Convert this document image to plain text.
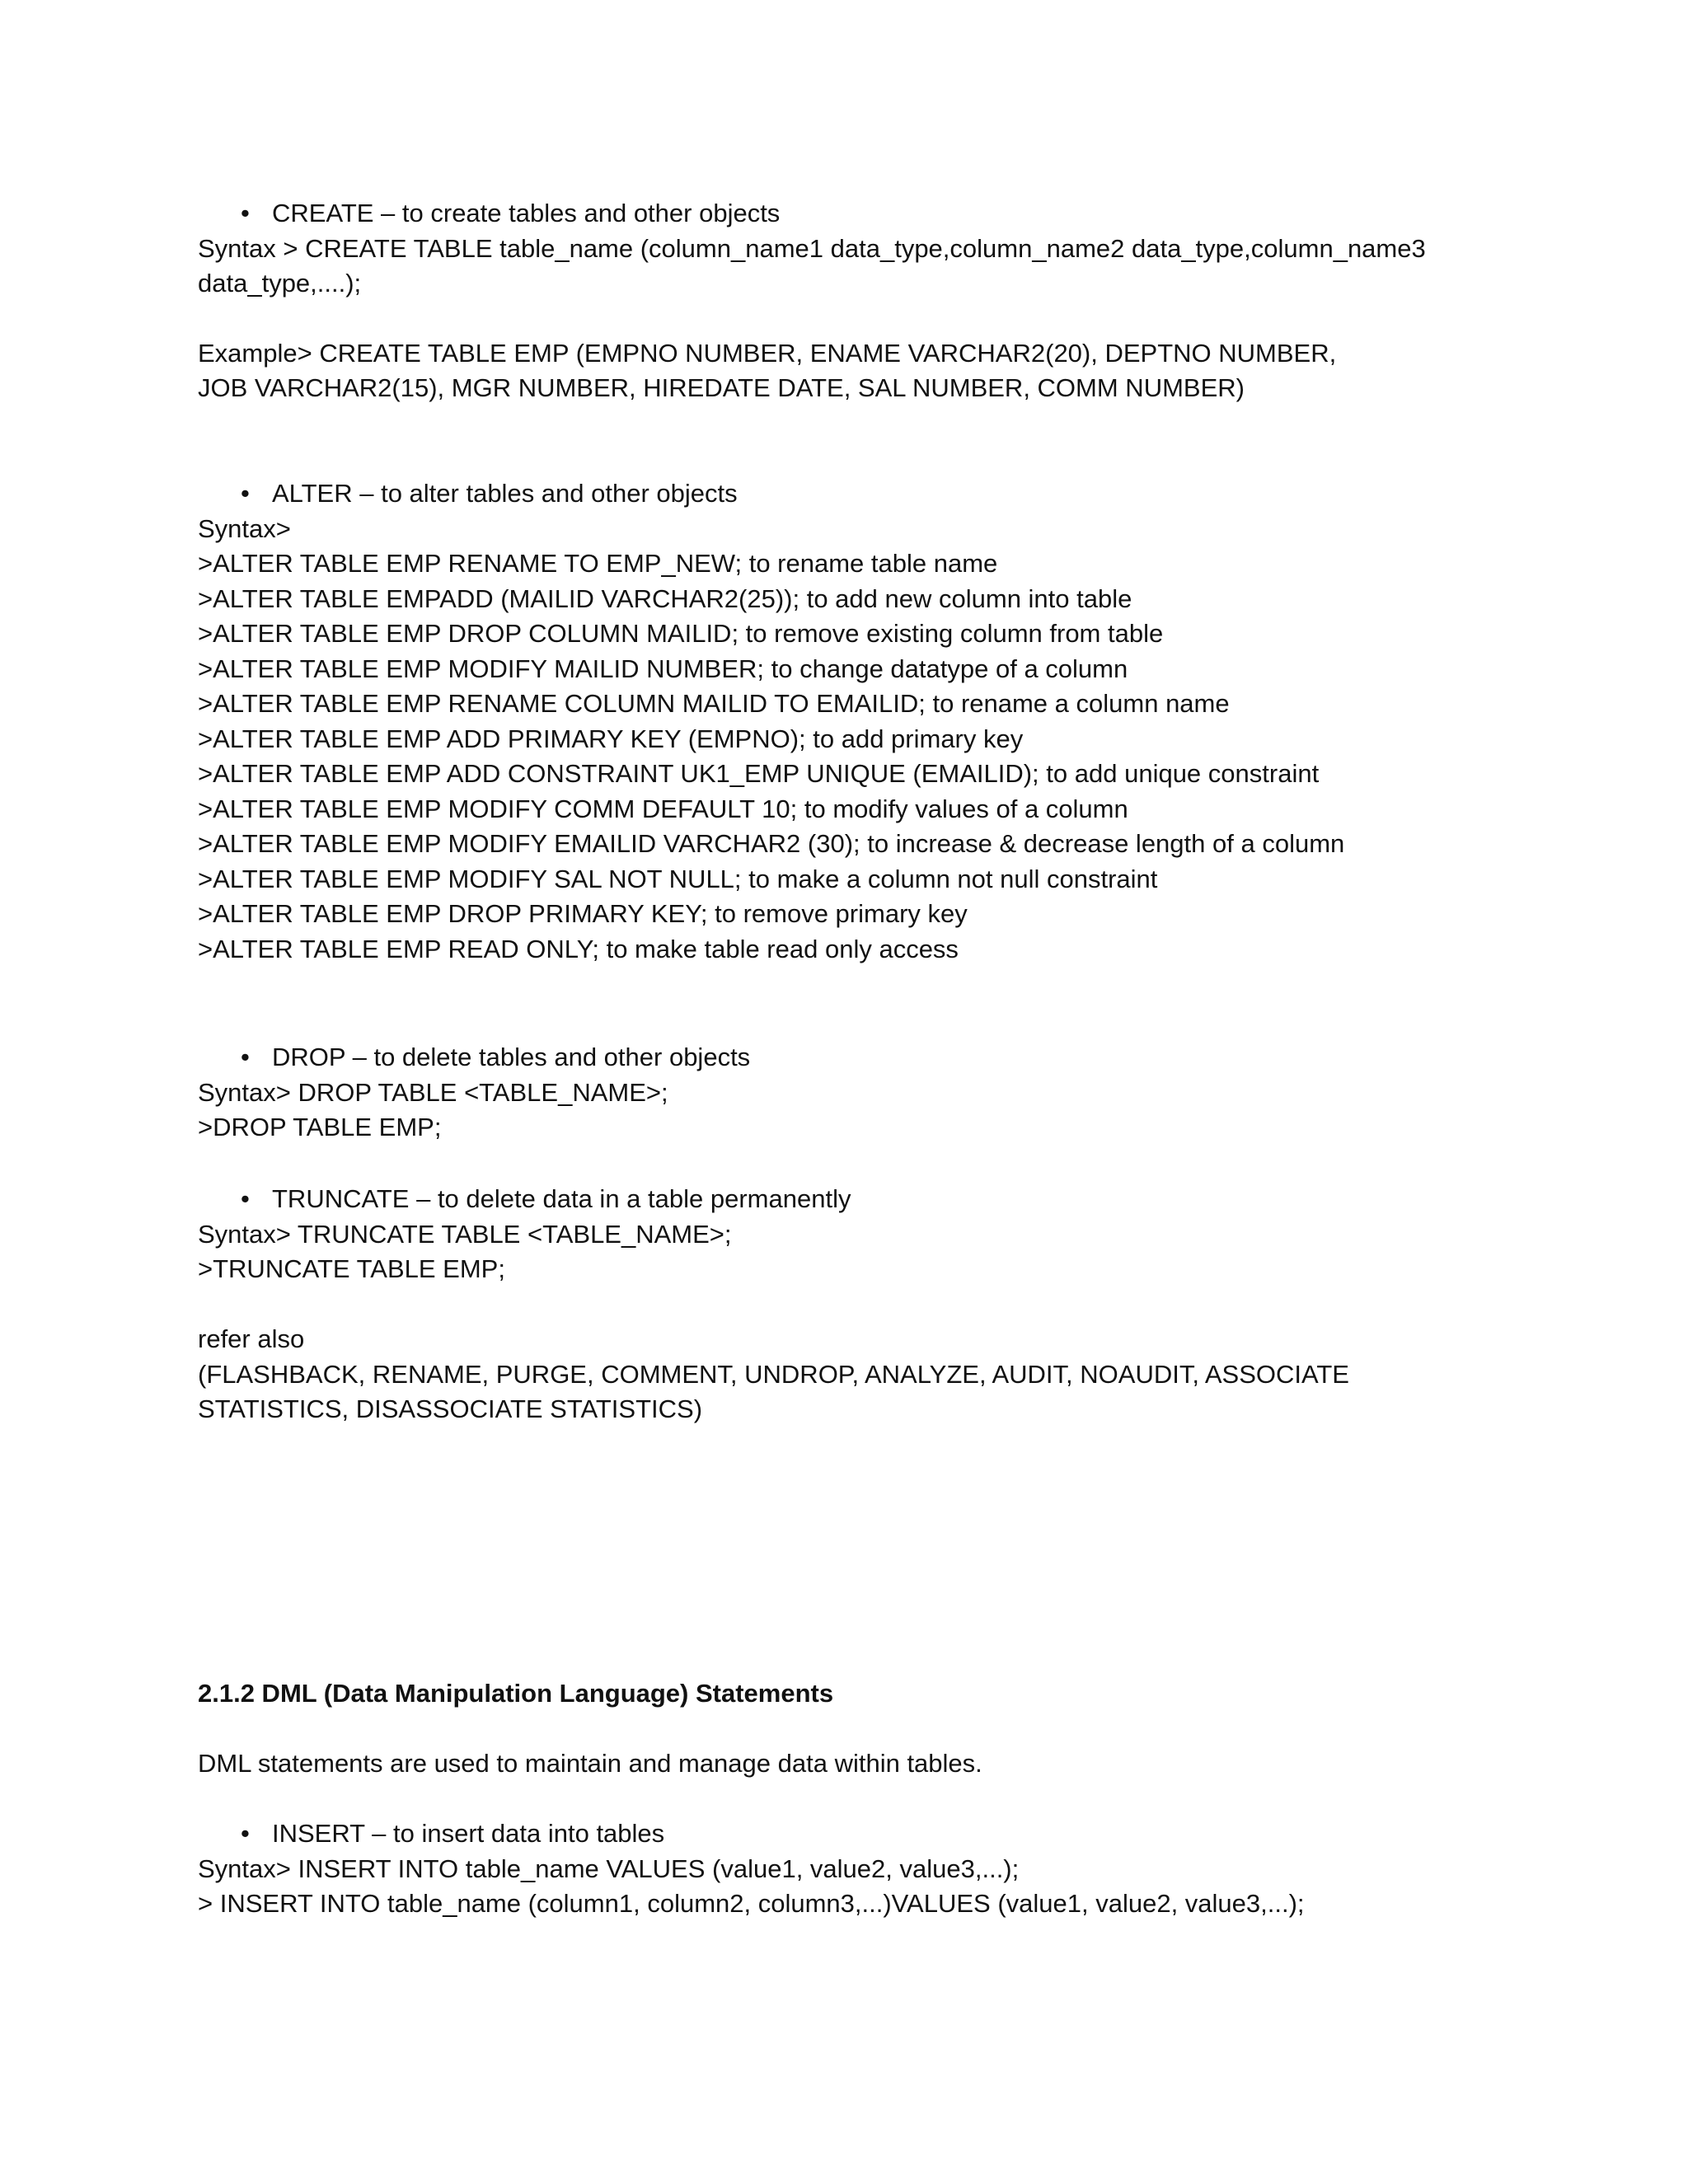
• CREATE – to create tables and other objects
Syntax > CREATE TABLE table_name (column_name1 data_type,column_name2 data_type,column_name3 data_type,....);
Example> CREATE TABLE EMP (EMPNO NUMBER, ENAME VARCHAR2(20), DEPTNO NUMBER, JOB VARCHAR2(15), MGR NUMBER, HIREDATE DATE, SAL NUMBER, COMM NUMBER)
• ALTER – to alter tables and other objects
Syntax>
>ALTER TABLE EMP RENAME TO EMP_NEW; to rename table name
>ALTER TABLE EMPADD (MAILID VARCHAR2(25)); to add new column into table
>ALTER TABLE EMP DROP COLUMN MAILID; to remove existing column from table
>ALTER TABLE EMP MODIFY MAILID NUMBER; to change datatype of a column
>ALTER TABLE EMP RENAME COLUMN MAILID TO EMAILID; to rename a column name
>ALTER TABLE EMP ADD PRIMARY KEY (EMPNO); to add primary key
>ALTER TABLE EMP ADD CONSTRAINT UK1_EMP UNIQUE (EMAILID); to add unique constraint
>ALTER TABLE EMP MODIFY COMM DEFAULT 10; to modify values of a column
>ALTER TABLE EMP MODIFY EMAILID VARCHAR2 (30); to increase & decrease length of a column
>ALTER TABLE EMP MODIFY SAL NOT NULL; to make a column not null constraint
>ALTER TABLE EMP DROP PRIMARY KEY; to remove primary key
>ALTER TABLE EMP READ ONLY; to make table read only access
• DROP – to delete tables and other objects
Syntax> DROP TABLE <TABLE_NAME>;
>DROP TABLE EMP;
• TRUNCATE – to delete data in a table permanently
Syntax> TRUNCATE TABLE <TABLE_NAME>;
>TRUNCATE TABLE EMP;
refer also
(FLASHBACK, RENAME, PURGE, COMMENT, UNDROP, ANALYZE, AUDIT, NOAUDIT, ASSOCIATE STATISTICS, DISASSOCIATE STATISTICS)
2.1.2 DML (Data Manipulation Language) Statements
DML statements are used to maintain and manage data within tables.
• INSERT – to insert data into tables
Syntax> INSERT INTO table_name VALUES (value1, value2, value3,...);
> INSERT INTO table_name (column1, column2, column3,...)VALUES (value1, value2, value3,...);
